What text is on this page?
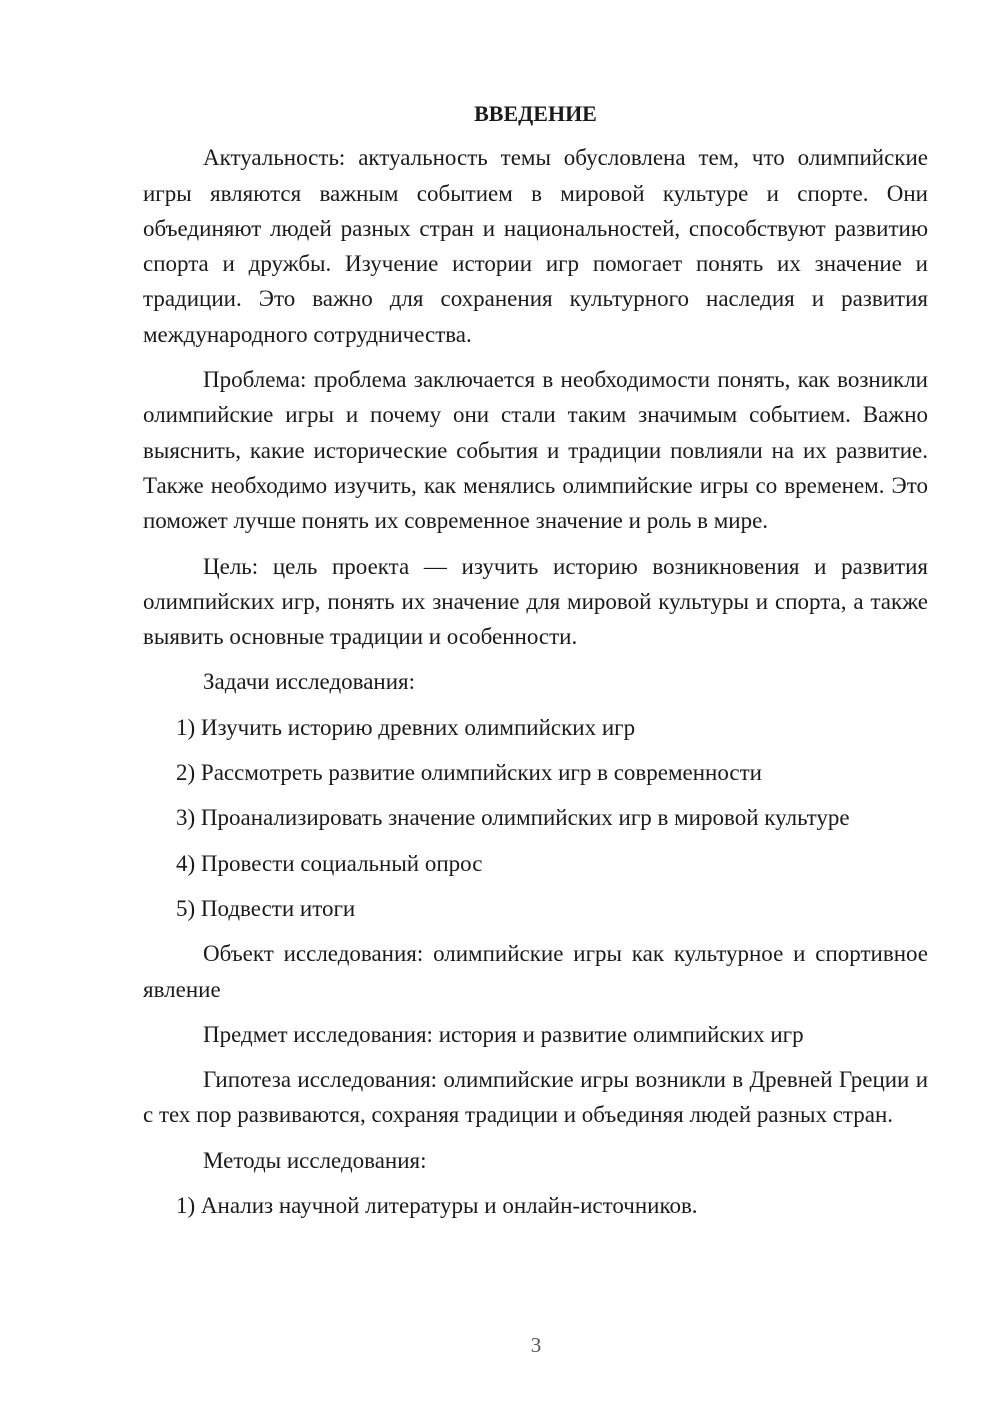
ВВЕДЕНИЕ

Актуальность: актуальность темы обусловлена тем, что олимпийские игры являются важным событием в мировой культуре и спорте. Они объединяют людей разных стран и национальностей, способствуют развитию спорта и дружбы. Изучение истории игр помогает понять их значение и традиции. Это важно для сохранения культурного наследия и развития международного сотрудничества.

Проблема: проблема заключается в необходимости понять, как возникли олимпийские игры и почему они стали таким значимым событием. Важно выяснить, какие исторические события и традиции повлияли на их развитие. Также необходимо изучить, как менялись олимпийские игры со временем. Это поможет лучше понять их современное значение и роль в мире.

Цель: цель проекта — изучить историю возникновения и развития олимпийских игр, понять их значение для мировой культуры и спорта, а также выявить основные традиции и особенности.

Задачи исследования:
1) Изучить историю древних олимпийских игр
2) Рассмотреть развитие олимпийских игр в современности
3) Проанализировать значение олимпийских игр в мировой культуре
4) Провести социальный опрос
5) Подвести итоги

Объект исследования: олимпийские игры как культурное и спортивное явление

Предмет исследования: история и развитие олимпийских игр

Гипотеза исследования: олимпийские игры возникли в Древней Греции и с тех пор развиваются, сохраняя традиции и объединяя людей разных стран.

Методы исследования:
1) Анализ научной литературы и онлайн-источников.
3
